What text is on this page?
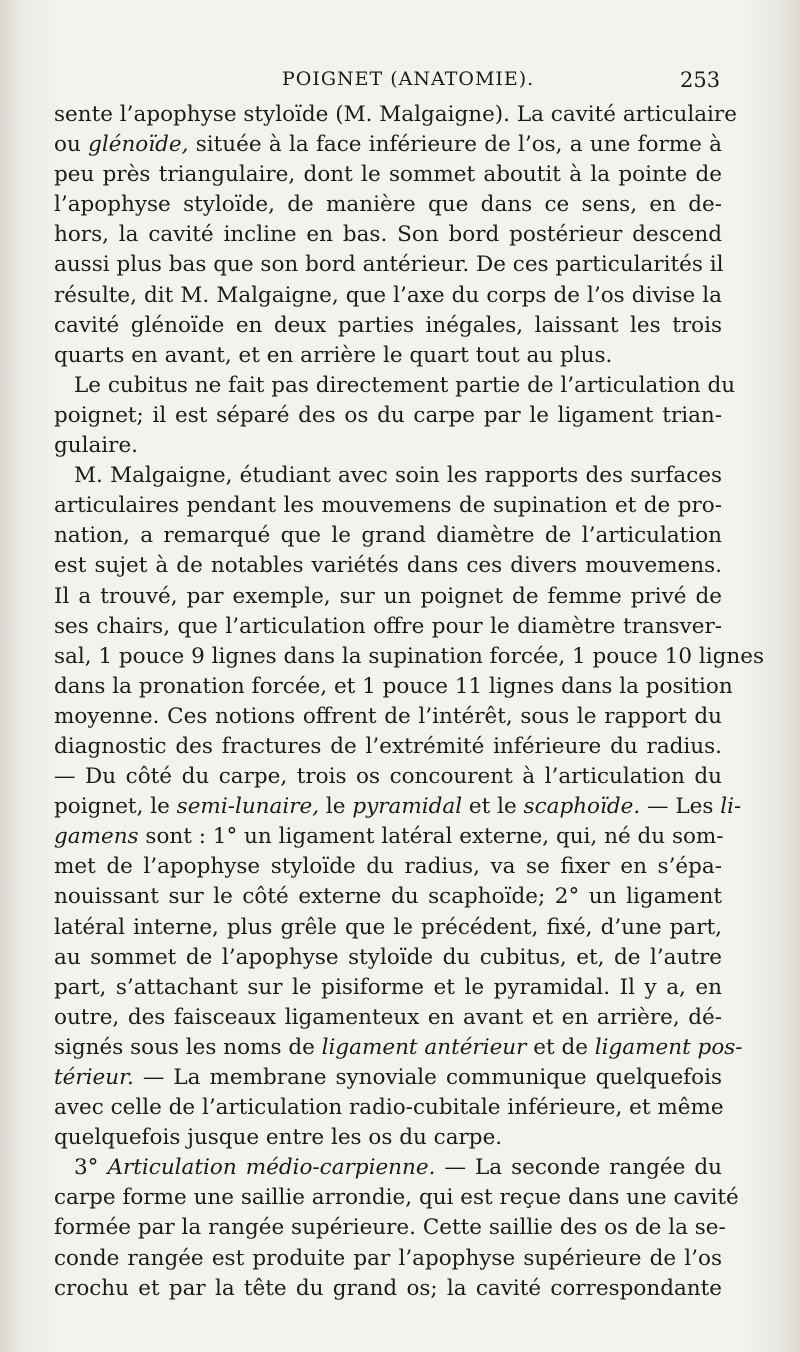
POIGNET (ANATOMIE).	253
sente l’apophyse styloïde (M. Malgaigne). La cavité articulaire
ou glénoïde, située à la face inférieure de l’os, a une forme à
peu près triangulaire, dont le sommet aboutit à la pointe de
l’apophyse styloïde, de manière que dans ce sens, en de-
hors, la cavité incline en bas. Son bord postérieur descend
aussi plus bas que son bord antérieur. De ces particularités il
résulte, dit M. Malgaigne, que l’axe du corps de l’os divise la
cavité glénoïde en deux parties inégales, laissant les trois
quarts en avant, et en arrière le quart tout au plus.
Le cubitus ne fait pas directement partie de l’articulation du
poignet; il est séparé des os du carpe par le ligament trian-
gulaire.
M. Malgaigne, étudiant avec soin les rapports des surfaces
articulaires pendant les mouvemens de supination et de pro-
nation, a remarqué que le grand diamètre de l’articulation
est sujet à de notables variétés dans ces divers mouvemens.
Il a trouvé, par exemple, sur un poignet de femme privé de
ses chairs, que l’articulation offre pour le diamètre transver-
sal, 1 pouce 9 lignes dans la supination forcée, 1 pouce 10 lignes
dans la pronation forcée, et 1 pouce 11 lignes dans la position
moyenne. Ces notions offrent de l’intérêt, sous le rapport du
diagnostic des fractures de l’extrémité inférieure du radius.
— Du côté du carpe, trois os concourent à l’articulation du
poignet, le semi-lunaire, le pyramidal et le scaphoïde. — Les li-
gamens sont : 1° un ligament latéral externe, qui, né du som-
met de l’apophyse styloïde du radius, va se fixer en s’épa-
nouissant sur le côté externe du scaphoïde; 2° un ligament
latéral interne, plus grêle que le précédent, fixé, d’une part,
au sommet de l’apophyse styloïde du cubitus, et, de l’autre
part, s’attachant sur le pisiforme et le pyramidal. Il y a, en
outre, des faisceaux ligamenteux en avant et en arrière, dé-
signés sous les noms de ligament antérieur et de ligament pos-
térieur. — La membrane synoviale communique quelquefois
avec celle de l’articulation radio-cubitale inférieure, et même
quelquefois jusque entre les os du carpe.
3° Articulation médio-carpienne. — La seconde rangée du
carpe forme une saillie arrondie, qui est reçue dans une cavité
formée par la rangée supérieure. Cette saillie des os de la se-
conde rangée est produite par l’apophyse supérieure de l’os
crochu et par la tête du grand os; la cavité correspondante
